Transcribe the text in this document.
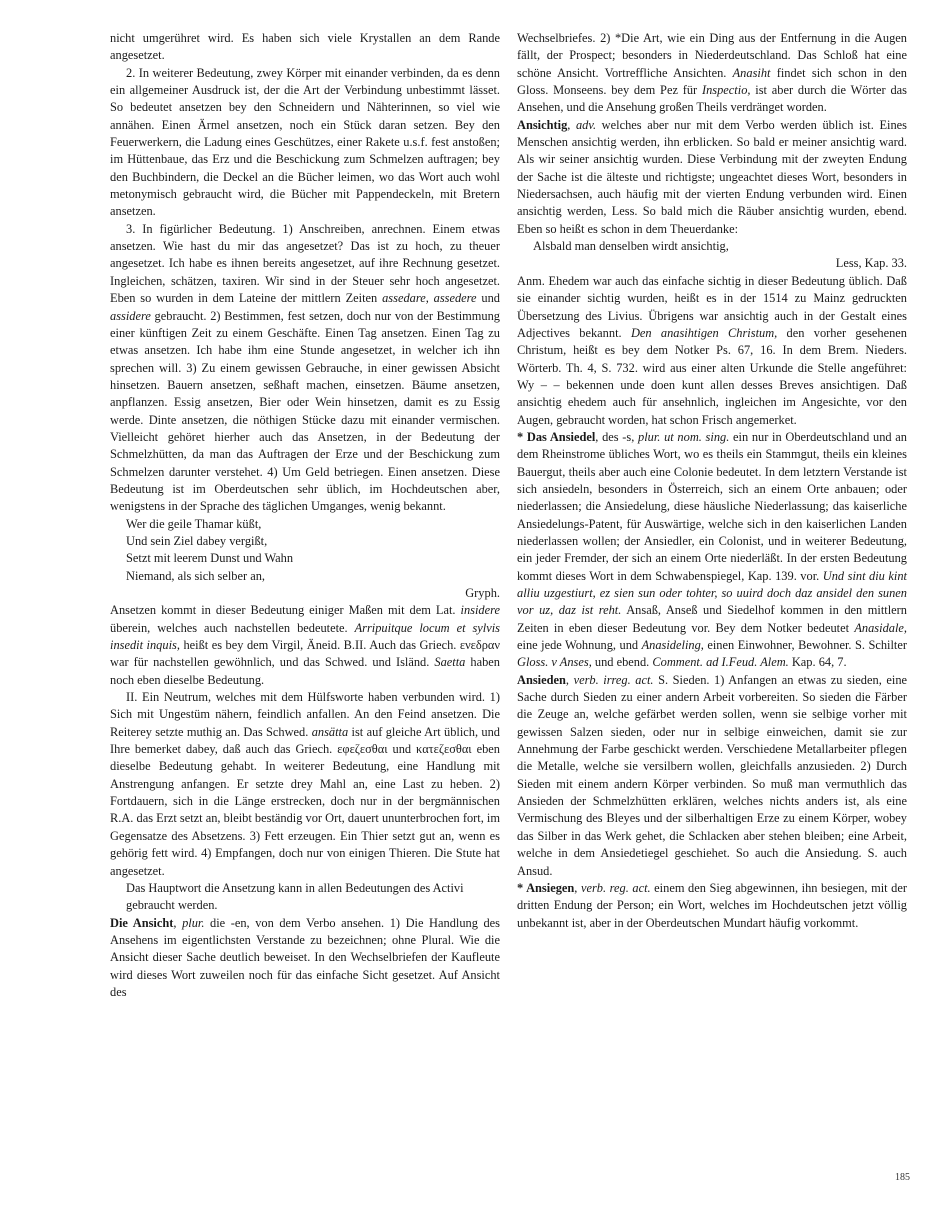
nicht umgerühret wird. Es haben sich viele Krystallen an dem Rande angesetzet.

2. In weiterer Bedeutung, zwey Körper mit einander verbinden, da es denn ein allgemeiner Ausdruck ist, der die Art der Verbindung unbestimmt lässet. So bedeutet ansetzen bey den Schneidern und Nähterinnen, so viel wie annähen. Einen Ärmel ansetzen, noch ein Stück daran setzen. Bey den Feuerwerkern, die Ladung eines Geschützes, einer Rakete u.s.f. fest anstoßen; im Hüttenbaue, das Erz und die Beschickung zum Schmelzen auftragen; bey den Buchbindern, die Deckel an die Bücher leimen, wo das Wort auch wohl metonymisch gebraucht wird, die Bücher mit Pappendeckeln, mit Bretern ansetzen.

3. In figürlicher Bedeutung. 1) Anschreiben, anrechnen. Einem etwas ansetzen. Wie hast du mir das angesetzet? Das ist zu hoch, zu theuer angesetzet. Ich habe es ihnen bereits angesetzet, auf ihre Rechnung gesetzet. Ingleichen, schätzen, taxiren. Wir sind in der Steuer sehr hoch angesetzet. Eben so wurden in dem Lateine der mittlern Zeiten assedare, assedere und assidere gebraucht. 2) Bestimmen, fest setzen, doch nur von der Bestimmung einer künftigen Zeit zu einem Geschäfte. Einen Tag ansetzen. Einen Tag zu etwas ansetzen. Ich habe ihm eine Stunde angesetzet, in welcher ich ihn sprechen will. 3) Zu einem gewissen Gebrauche, in einer gewissen Absicht hinsetzen. Bauern ansetzen, seßhaft machen, einsetzen. Bäume ansetzen, anpflanzen. Essig ansetzen, Bier oder Wein hinsetzen, damit es zu Essig werde. Dinte ansetzen, die nöthigen Stücke dazu mit einander vermischen. Vielleicht gehöret hierher auch das Ansetzen, in der Bedeutung der Schmelzhütten, da man das Auftragen der Erze und der Beschickung zum Schmelzen darunter verstehet. 4) Um Geld betriegen. Einen ansetzen. Diese Bedeutung ist im Oberdeutschen sehr üblich, im Hochdeutschen aber, wenigstens in der Sprache des täglichen Umganges, wenig bekannt.

Wer die geile Thamar küßt,

Und sein Ziel dabey vergißt,

Setzt mit leerem Dunst und Wahn

Niemand, als sich selber an,

Gryph.

Ansetzen kommt in dieser Bedeutung einiger Maßen mit dem Lat. insidere überein, welches auch nachstellen bedeutete. Arripuitque locum et sylvis insedit inquis, heißt es bey dem Virgil, Äneid. B.II. Auch das Griech. ενεδραν war für nachstellen gewöhnlich, und das Schwed. und Isländ. Saetta haben noch eben dieselbe Bedeutung.

II. Ein Neutrum, welches mit dem Hülfsworte haben verbunden wird. 1) Sich mit Ungestüm nähern, feindlich anfallen. An den Feind ansetzen. Die Reiterey setzte muthig an. Das Schwed. ansätta ist auf gleiche Art üblich, und Ihre bemerket dabey, daß auch das Griech. εφεζεσθαι und κατεζεσθαι eben dieselbe Bedeutung gehabt. In weiterer Bedeutung, eine Handlung mit Anstrengung anfangen. Er setzte drey Mahl an, eine Last zu heben. 2) Fortdauern, sich in die Länge erstrecken, doch nur in der bergmännischen R.A. das Erzt setzt an, bleibt beständig vor Ort, dauert ununterbrochen fort, im Gegensatze des Absetzens. 3) Fett erzeugen. Ein Thier setzt gut an, wenn es gehörig fett wird. 4) Empfangen, doch nur von einigen Thieren. Die Stute hat angesetzet.

Das Hauptwort die Ansetzung kann in allen Bedeutungen des Activi gebraucht werden.

Die Ansicht, plur. die -en, von dem Verbo ansehen. 1) Die Handlung des Ansehens im eigentlichsten Verstande zu bezeichnen; ohne Plural. Wie die Ansicht dieser Sache deutlich beweiset. In den Wechselbriefen der Kaufleute wird dieses Wort zuweilen noch für das einfache Sicht gesetzet. Auf Ansicht des

Wechselbriefes. 2) *Die Art, wie ein Ding aus der Entfernung in die Augen fällt, der Prospect; besonders in Niederdeutschland. Das Schloß hat eine schöne Ansicht. Vortreffliche Ansichten. Anasiht findet sich schon in den Gloss. Monseens. bey dem Pez für Inspectio, ist aber durch die Wörter das Ansehen, und die Ansehung großen Theils verdränget worden.

Ansichtig, adv. welches aber nur mit dem Verbo werden üblich ist. Eines Menschen ansichtig werden, ihn erblicken. So bald er meiner ansichtig ward. Als wir seiner ansichtig wurden. Diese Verbindung mit der zweyten Endung der Sache ist die älteste und richtigste; ungeachtet dieses Wort, besonders in Niedersachsen, auch häufig mit der vierten Endung verbunden wird. Einen ansichtig werden, Less. So bald mich die Räuber ansichtig wurden, ebend. Eben so heißt es schon in dem Theuerdanke:

Alsbald man denselben wirdt ansichtig,

Less, Kap. 33.

Anm. Ehedem war auch das einfache sichtig in dieser Bedeutung üblich. Daß sie einander sichtig wurden, heißt es in der 1514 zu Mainz gedruckten Übersetzung des Livius. Übrigens war ansichtig auch in der Gestalt eines Adjectives bekannt. Den anasihtigen Christum, den vorher gesehenen Christum, heißt es bey dem Notker Ps. 67, 16. In dem Brem. Nieders. Wörterb. Th. 4, S. 732. wird aus einer alten Urkunde die Stelle angeführet: Wy – – bekennen unde doen kunt allen desses Breves ansichtigen. Daß ansichtig ehedem auch für ansehnlich, ingleichen im Angesichte, vor den Augen, gebraucht worden, hat schon Frisch angemerket.

* Das Ansiedel, des -s, plur. ut nom. sing. ein nur in Oberdeutschland und an dem Rheinstrome übliches Wort, wo es theils ein Stammgut, theils ein kleines Bauergut, theils aber auch eine Colonie bedeutet. In dem letztern Verstande ist sich ansiedeln, besonders in Österreich, sich an einem Orte anbauen; oder niederlassen; die Ansiedelung, diese häusliche Niederlassung; das kaiserliche Ansiedelungs-Patent, für Auswärtige, welche sich in den kaiserlichen Landen niederlassen wollen; der Ansiedler, ein Colonist, und in weiterer Bedeutung, ein jeder Fremder, der sich an einem Orte niederläßt. In der ersten Bedeutung kommt dieses Wort in dem Schwabenspiegel, Kap. 139. vor. Und sint diu kint alliu uzgestiurt, ez sien sun oder tohter, so uuird doch daz ansidel den sunen vor uz, daz ist reht. Ansaß, Anseß und Siedelhof kommen in den mittlern Zeiten in eben dieser Bedeutung vor. Bey dem Notker bedeutet Anasidale, eine jede Wohnung, und Anasideling, einen Einwohner, Bewohner. S. Schilter Gloss. v Anses, und ebend. Comment. ad I.Feud. Alem. Kap. 64, 7.

Ansieden, verb. irreg. act. S. Sieden. 1) Anfangen an etwas zu sieden, eine Sache durch Sieden zu einer andern Arbeit vorbereiten. So sieden die Färber die Zeuge an, welche gefärbet werden sollen, wenn sie selbige vorher mit gewissen Salzen sieden, oder nur in selbige einweichen, damit sie zur Annehmung der Farbe geschickt werden. Verschiedene Metallarbeiter pflegen die Metalle, welche sie versilbern wollen, gleichfalls anzusieden. 2) Durch Sieden mit einem andern Körper verbinden. So muß man vermuthlich das Ansieden der Schmelzhütten erklären, welches nichts anders ist, als eine Vermischung des Bleyes und der silberhaltigen Erze zu einem Körper, wobey das Silber in das Werk gehet, die Schlacken aber stehen bleiben; eine Arbeit, welche in dem Ansiedetiegel geschiehet. So auch die Ansiedung. S. auch Ansud.

* Ansiegen, verb. reg. act. einem den Sieg abgewinnen, ihn besiegen, mit der dritten Endung der Person; ein Wort, welches im Hochdeutschen jetzt völlig unbekannt ist, aber in der Oberdeutschen Mundart häufig vorkommt.

185
